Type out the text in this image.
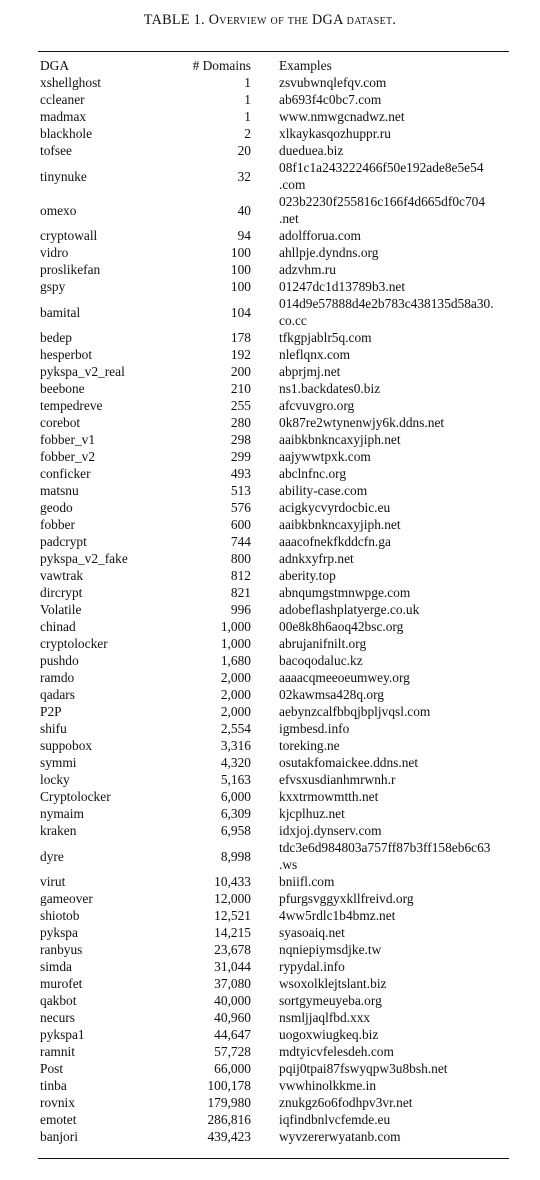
TABLE 1. Overview of the DGA dataset.
DGA	# Domains	Examples
xshellghost	1	zsvubwnqlefqv.com
ccleaner	1	ab693f4c0bc7.com
madmax	1	www.nmwgcnadwz.net
blackhole	2	xlkaykasqozhuppr.ru
tofsee	20	dueduea.biz
tinynuke	32	08f1c1a243222466f50e192ade8e5e54
.com
omexo	40	023b2230f255816c166f4d665df0c704
.net
cryptowall	94	adolfforua.com
vidro	100	ahllpje.dyndns.org
proslikefan	100	adzvhm.ru
gspy	100	01247dc1d13789b3.net
bamital	104	014d9e57888d4e2b783c438135d58a30.
co.cc
bedep	178	tfkgpjablr5q.com
hesperbot	192	nleflqnx.com
pykspa_v2_real	200	abprjmj.net
beebone	210	ns1.backdates0.biz
tempedreve	255	afcvuvgro.org
corebot	280	0k87re2wtynenwjy6k.ddns.net
fobber_v1	298	aaibkbnkncaxyjiph.net
fobber_v2	299	aajywwtpxk.com
conficker	493	abclnfnc.org
matsnu	513	ability-case.com
geodo	576	acigkycvyrdocbic.eu
fobber	600	aaibkbnkncaxyjiph.net
padcrypt	744	aaacofnekfkddcfn.ga
pykspa_v2_fake	800	adnkxyfrp.net
vawtrak	812	aberity.top
dircrypt	821	abnqumgstmnwpge.com
Volatile	996	adobeflashplatyerge.co.uk
chinad	1,000	00e8k8h6aoq42bsc.org
cryptolocker	1,000	abrujanifnilt.org
pushdo	1,680	bacoqodaluc.kz
ramdo	2,000	aaaacqmeeoeumwey.org
qadars	2,000	02kawmsa428q.org
P2P	2,000	aebynzcalfbbqjbpljvqsl.com
shifu	2,554	igmbesd.info
suppobox	3,316	toreking.ne
symmi	4,320	osutakfomaickee.ddns.net
locky	5,163	efvsxusdianhmrwnh.r
Cryptolocker	6,000	kxxtrmowmtth.net
nymaim	6,309	kjcplhuz.net
kraken	6,958	idxjoj.dynserv.com
dyre	8,998	tdc3e6d984803a757ff87b3ff158eb6c63
.ws
virut	10,433	bniifl.com
gameover	12,000	pfurgsvggyxkllfreivd.org
shiotob	12,521	4ww5rdlc1b4bmz.net
pykspa	14,215	syasoaiq.net
ranbyus	23,678	nqniepiymsdjke.tw
simda	31,044	rypydal.info
murofet	37,080	wsoxolklejtslant.biz
qakbot	40,000	sortgymeuyeba.org
necurs	40,960	nsmljjaqlfbd.xxx
pykspa1	44,647	uogoxwiugkeq.biz
ramnit	57,728	mdtyicvfelesdeh.com
Post	66,000	pqij0tpai87fswyqpw3u8bsh.net
tinba	100,178	vwwhinolkkme.in
rovnix	179,980	znukgz6o6fodhpv3vr.net
emotet	286,816	iqfindbnlvcfemde.eu
banjori	439,423	wyvzererwyatanb.com
